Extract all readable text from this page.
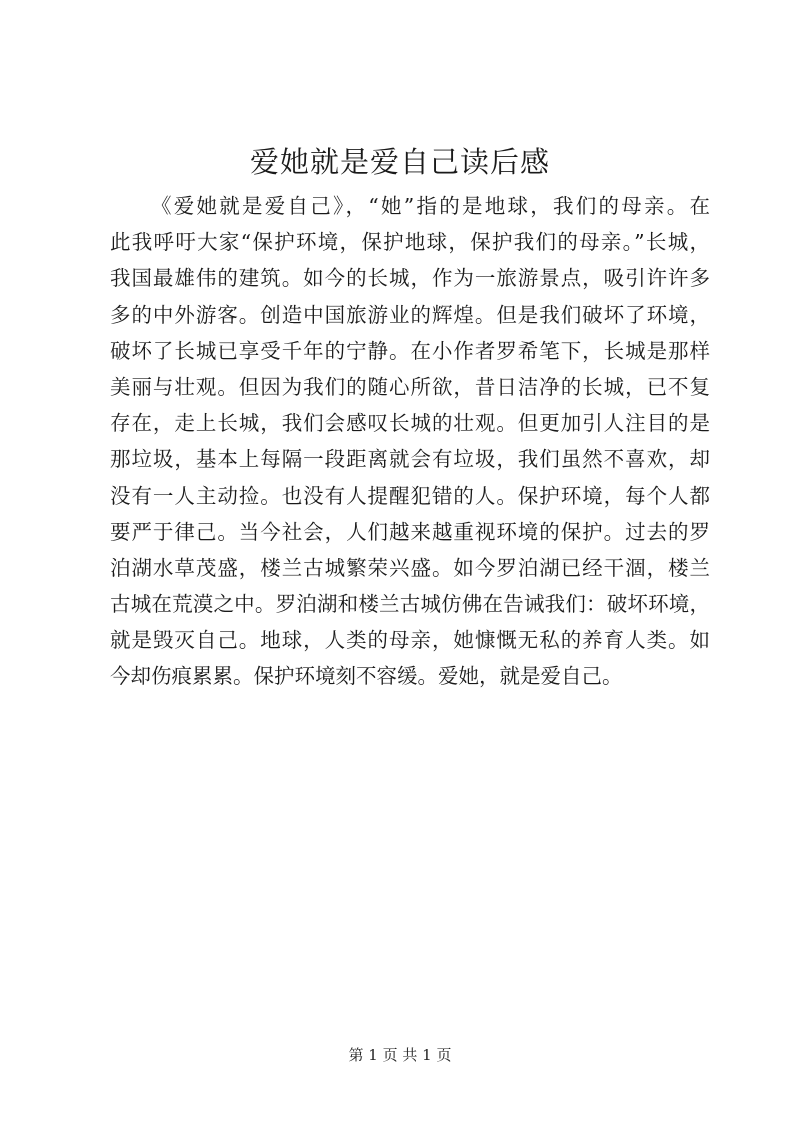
爱她就是爱自己读后感
《爱她就是爱自己》，“她”指的是地球，我们的母亲。在
此我呼吁大家“保护环境，保护地球，保护我们的母亲。”长城，
我国最雄伟的建筑。如今的长城，作为一旅游景点，吸引许许多
多的中外游客。创造中国旅游业的辉煌。但是我们破坏了环境，
破坏了长城已享受千年的宁静。在小作者罗希笔下，长城是那样
美丽与壮观。但因为我们的随心所欲，昔日洁净的长城，已不复
存在，走上长城，我们会感叹长城的壮观。但更加引人注目的是
那垃圾，基本上每隔一段距离就会有垃圾，我们虽然不喜欢，却
没有一人主动捡。也没有人提醒犯错的人。保护环境，每个人都
要严于律己。当今社会，人们越来越重视环境的保护。过去的罗
泊湖水草茂盛，楼兰古城繁荣兴盛。如今罗泊湖已经干涸，楼兰
古城在荒漠之中。罗泊湖和楼兰古城仿佛在告诫我们：破坏环境，
就是毁灭自己。地球，人类的母亲，她慷慨无私的养育人类。如
今却伤痕累累。保护环境刻不容缓。爱她，就是爱自己。
第 1 页 共 1 页
